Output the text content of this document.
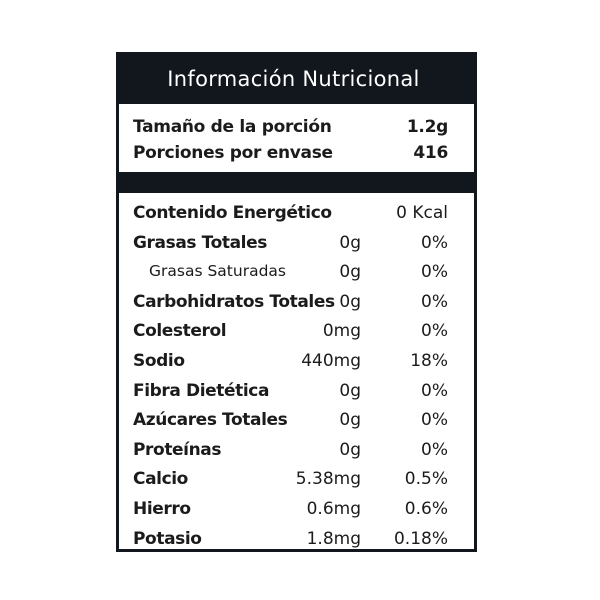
Información Nutricional
Tamaño de la porción	1.2g
Porciones por envase	416
Contenido Energético	0 Kcal
Grasas Totales	0g	0%
Grasas Saturadas	0g	0%
Carbohidratos Totales 0g	0%
Colesterol	0mg	0%
Sodio	440mg	18%
Fibra Dietética	0g	0%
Azúcares Totales	0g	0%
Proteínas	0g	0%
Calcio	5.38mg	0.5%
Hierro	0.6mg	0.6%
Potasio	1.8mg 0.18%
